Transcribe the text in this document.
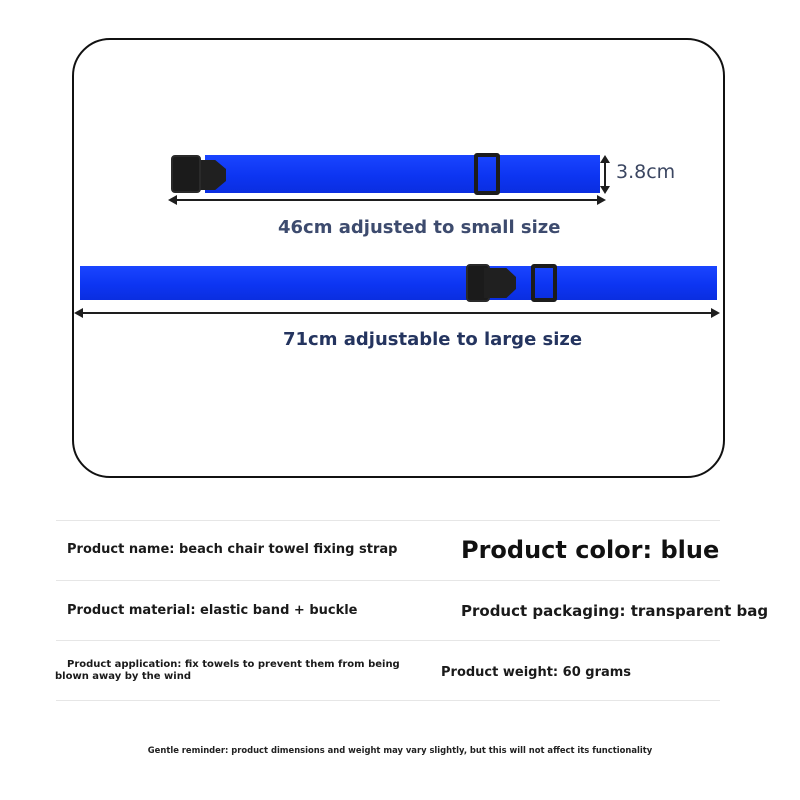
3.8cm
46cm adjusted to small size
71cm adjustable to large size
Product name: beach chair towel fixing strap	Product color: blue
Product material: elastic band + buckle	Product packaging: transparent bag
Product application: fix towels to prevent them from being blown away by the wind	Product weight: 60 grams
Gentle reminder: product dimensions and weight may vary slightly, but this will not affect its functionality
